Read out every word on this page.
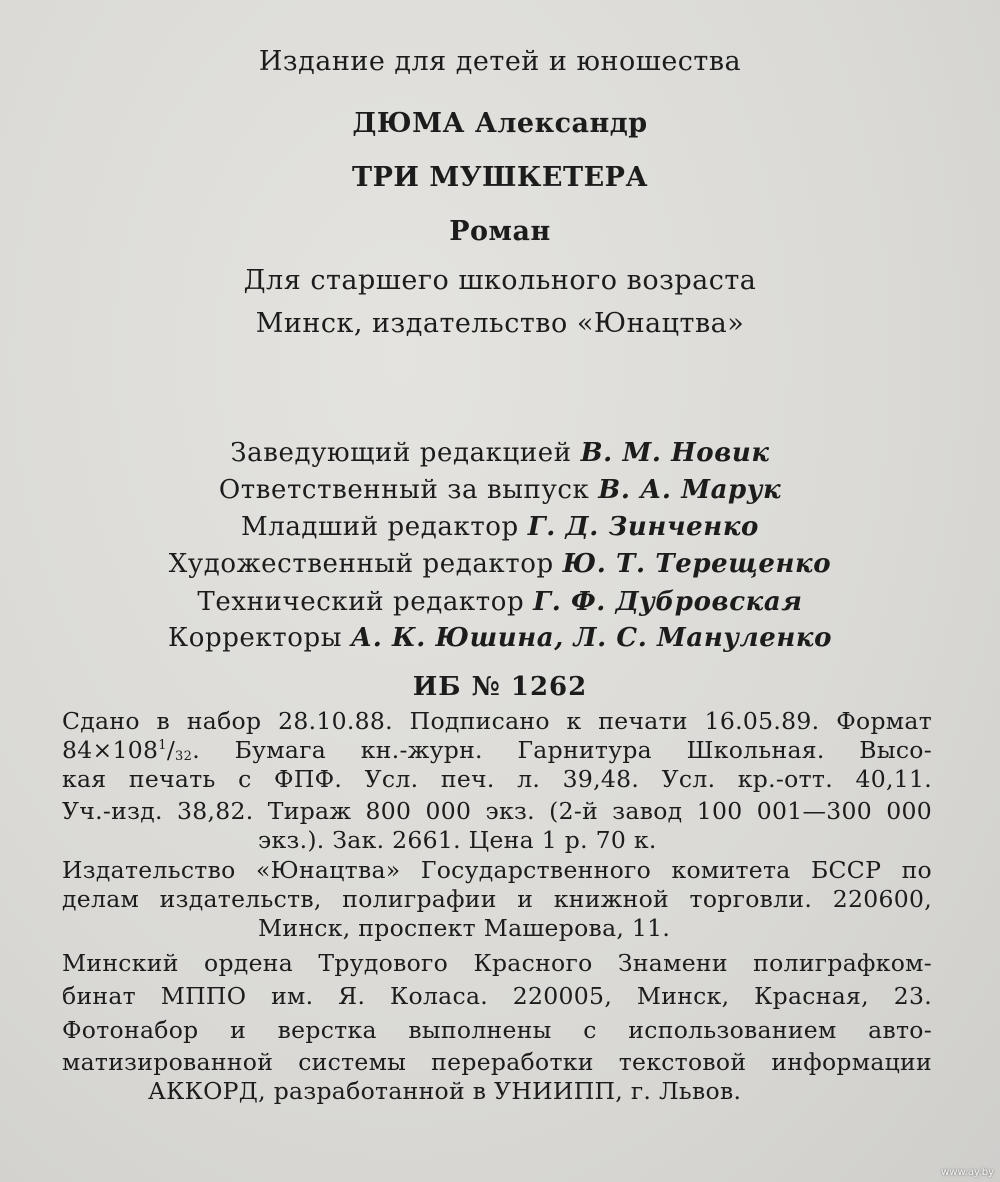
Издание для детей и юношества
ДЮМА Александр
ТРИ МУШКЕТЕРА
Роман
Для старшего школьного возраста
Минск, издательство «Юнацтва»
Заведующий редакцией В. М. Новик
Ответственный за выпуск В. А. Марук
Младший редактор Г. Д. Зинченко
Художественный редактор Ю. Т. Терещенко
Технический редактор Г. Ф. Дубровская
Корректоры А. К. Юшина, Л. С. Мануленко
ИБ № 1262
Сдано в набор 28.10.88. Подписано к печати 16.05.89. Формат
$84\times 108^1/_{32}$. Бумага кн.-журн. Гарнитура Школьная. Высо-
кая печать с ФПФ. Усл. печ. л. 39,48. Усл. кр.-отт. 40,11.
Уч.-изд. 38,82. Тираж 800 000 экз. (2-й завод 100 001—300 000
экз.). Зак. 2661. Цена 1 р. 70 к.
Издательство «Юнацтва» Государственного комитета БССР по
делам издательств, полиграфии и книжной торговли. 220600,
Минск, проспект Машерова, 11.
Минский ордена Трудового Красного Знамени полиграфком-
бинат МППО им. Я. Коласа. 220005, Минск, Красная, 23.
Фотонабор и верстка выполнены с использованием авто-
матизированной системы переработки текстовой информации
АККОРД, разработанной в УНИИПП, г. Львов.
www.ay.by
